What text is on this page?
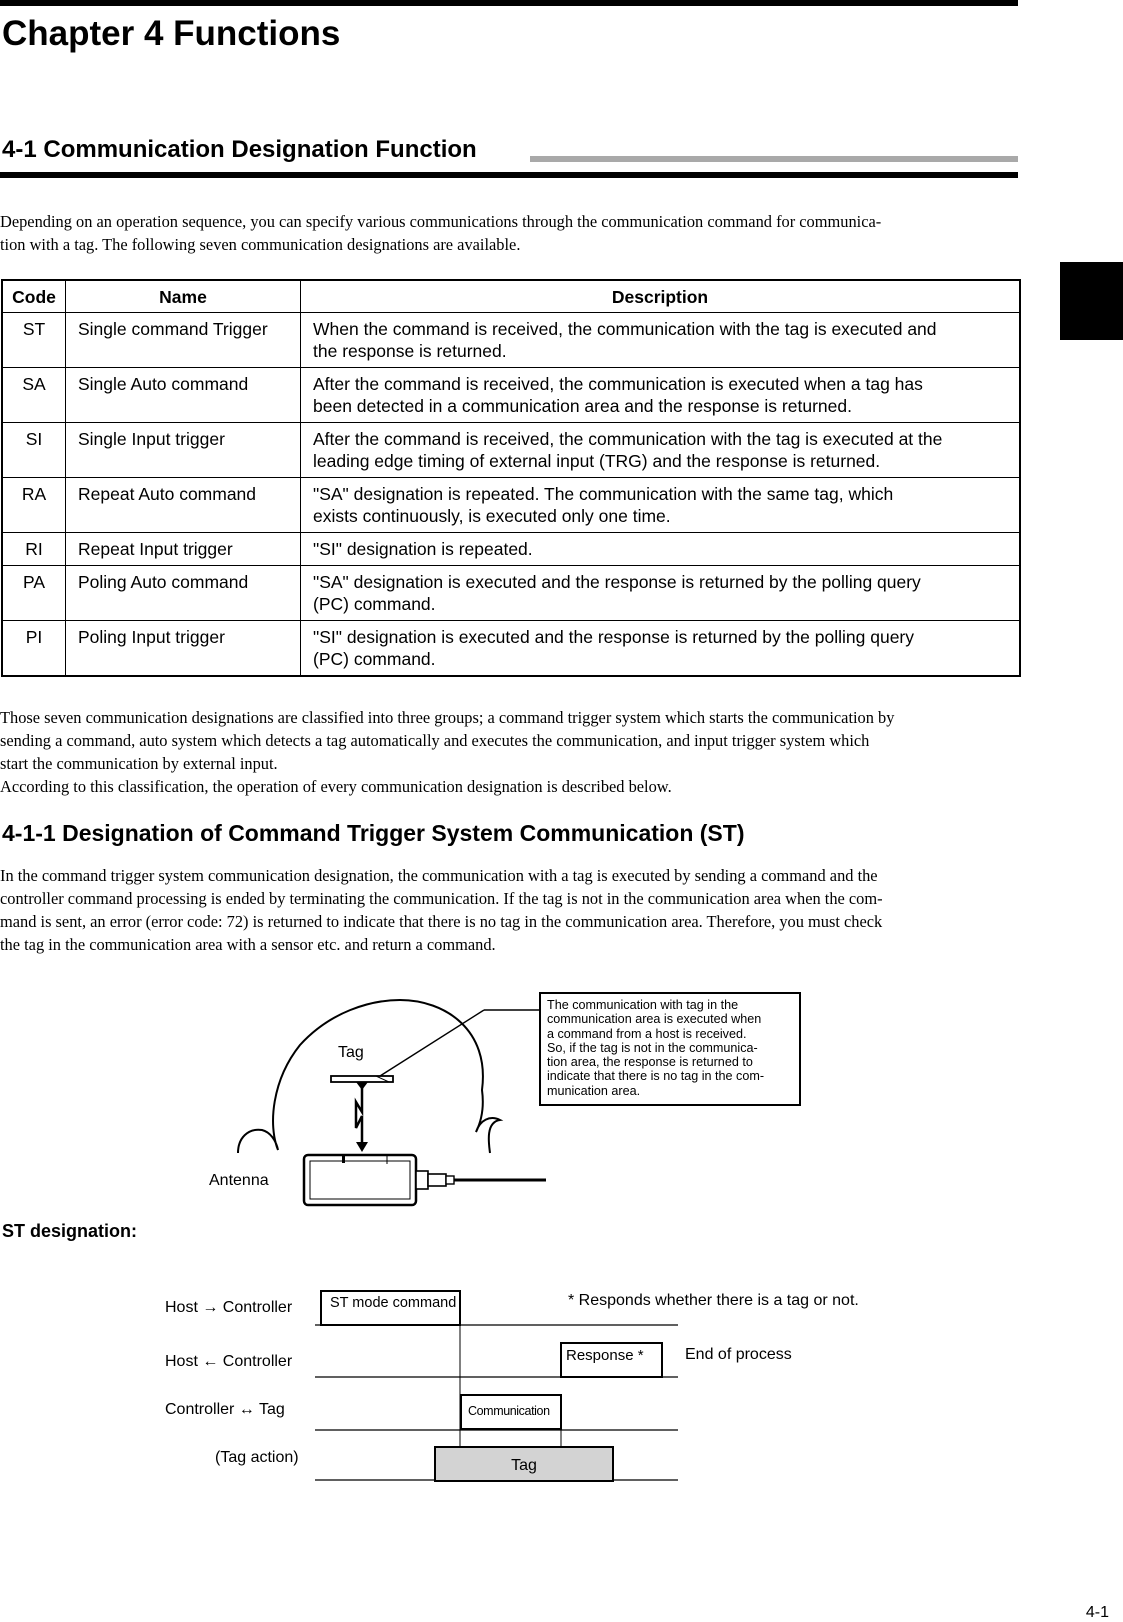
Chapter 4 Functions
4-1 Communication Designation Function
Depending on an operation sequence, you can specify various communications through the communication command for communica-
tion with a tag. The following seven communication designations are available.
Code	Name	Description
ST	Single command Trigger	When the command is received, the communication with the tag is executed and
the response is returned.

SA	Single Auto command	After the command is received, the communication is executed when a tag has
been detected in a communication area and the response is returned.

SI	Single Input trigger	After the command is received, the communication with the tag is executed at the
leading edge timing of external input (TRG) and the response is returned.

RA	Repeat Auto command	"SA" designation is repeated. The communication with the same tag, which
exists continuously, is executed only one time.

RI	Repeat Input trigger	"SI" designation is repeated.

PA	Poling Auto command	"SA" designation is executed and the response is returned by the polling query
(PC) command.

PI	Poling Input trigger	"SI" designation is executed and the response is returned by the polling query
(PC) command.
Those seven communication designations are classified into three groups; a command trigger system which starts the communication by
sending a command, auto system which detects a tag automatically and executes the communication, and input trigger system which
start the communication by external input.
According to this classification, the operation of every communication designation is described below.
4-1-1 Designation of Command Trigger System Communication (ST)
In the command trigger system communication designation, the communication with a tag is executed by sending a command and the
controller command processing is ended by terminating the communication. If the tag is not in the communication area when the com-
mand is sent, an error (error code: 72) is returned to indicate that there is no tag in the communication area. Therefore, you must check
the tag in the communication area with a sensor etc. and return a command.
Tag
Antenna
The communication with tag in the
communication area is executed when
a command from a host is received.
So, if the tag is not in the communica-
tion area, the response is returned to
indicate that there is no tag in the com-
munication area.
ST designation:
Host → Controller
Host ← Controller
Controller ↔ Tag
(Tag action)
ST mode command
Response *
Communication
Tag
* Responds whether there is a tag or not.
End of process
4-1
